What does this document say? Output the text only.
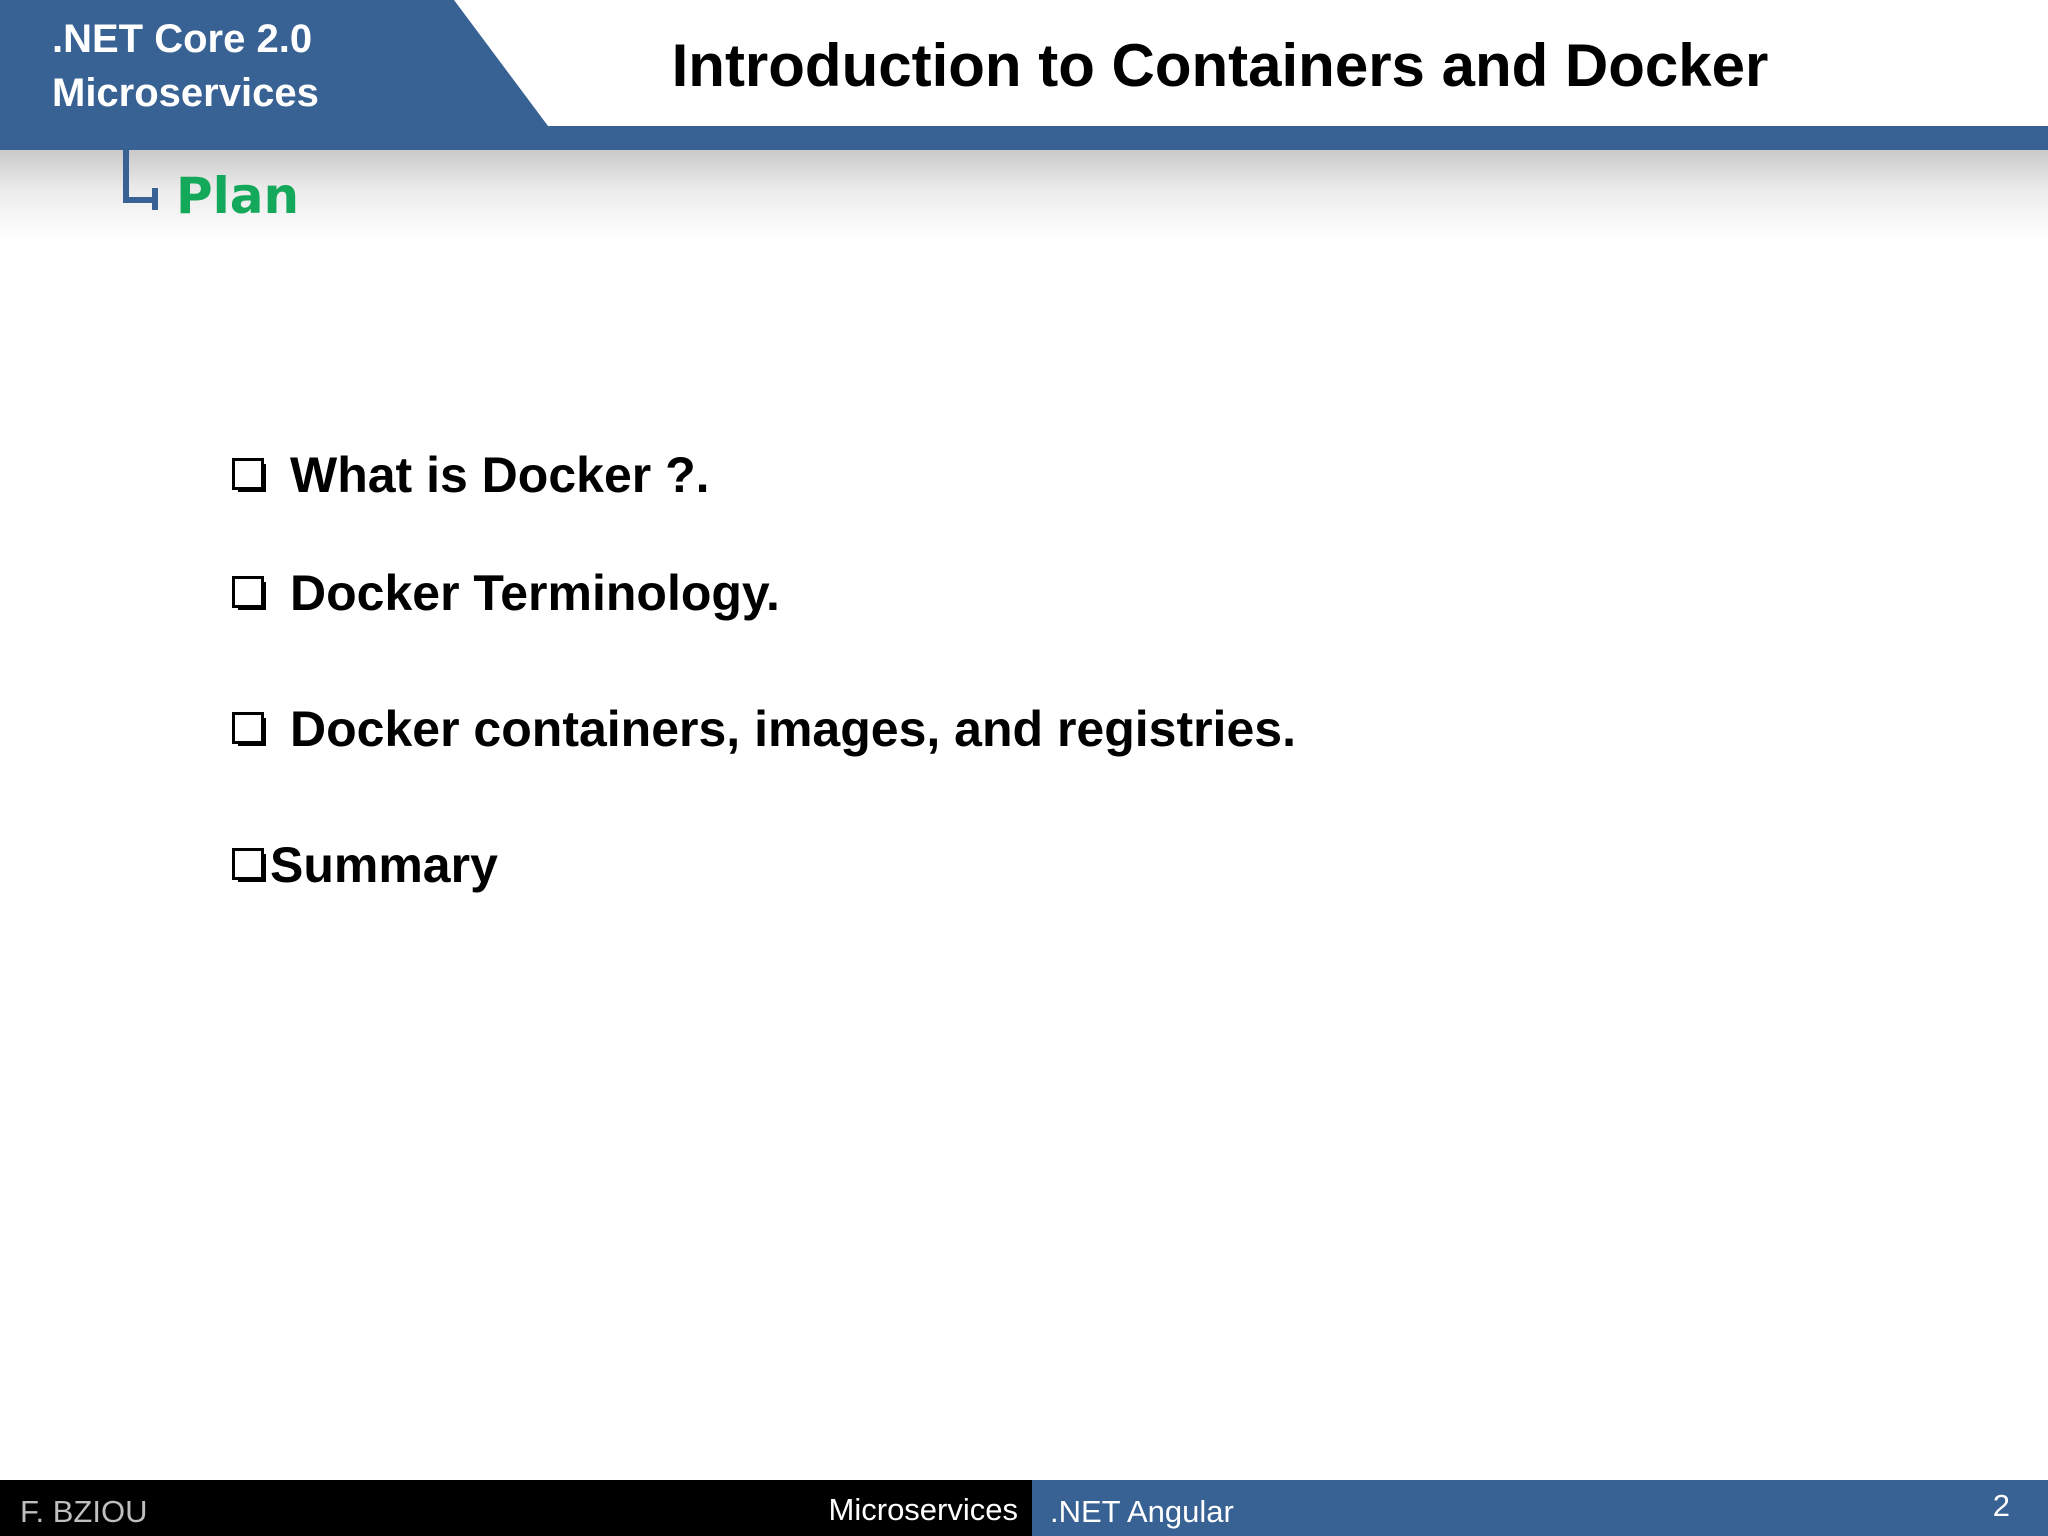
.NET Core 2.0
Microservices	Introduction to Containers and Docker
Plan
What is Docker ?.
Docker Terminology.
Docker containers, images, and registries.
Summary
F. BZIOU	Microservices	.NET Angular	2
